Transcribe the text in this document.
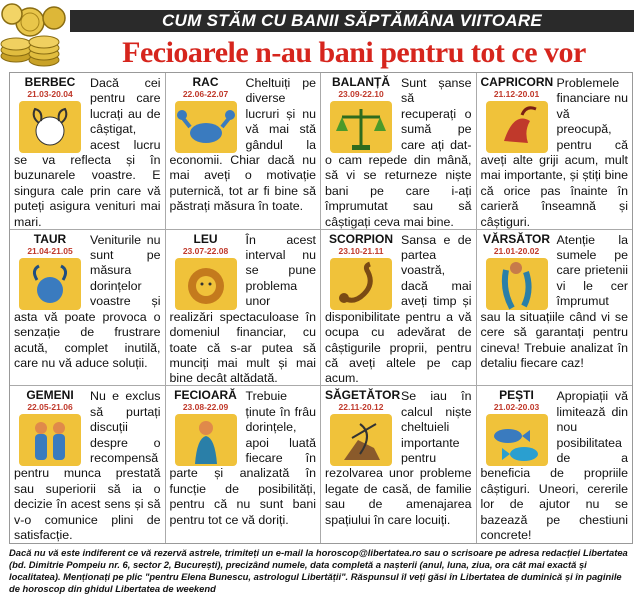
CUM STĂM CU BANII SĂPTĂMÂNA VIITOARE
Fecioarele n-au bani pentru tot ce vor
BERBEC
21.03-20.04
Dacă cei pentru care lucrați au de câștigat, acest lucru se va reflecta și în buzunarele voastre. E singura cale prin care vă puteți asigura venituri mai mari.
RAC
22.06-22.07
Cheltuiți pe diverse lucruri și nu vă mai stă gândul la economii. Chiar dacă nu mai aveți o motivație puternică, tot ar fi bine să păstrați măsura în toate.
BALANȚĂ
23.09-22.10
Sunt șanse să recuperați o sumă pe care ați dat-o cam repede din mână, să vi se returneze niște bani pe care i-ați împrumutat sau să câștigați ceva mai bine.
CAPRICORN
21.12-20.01
Problemele financiare nu vă preocupă, pentru că aveți alte griji acum, mult mai importante, și știți bine că orice pas înainte în carieră înseamnă și câștiguri.
TAUR
21.04-21.05
Veniturile nu sunt pe măsura dorințelor voastre și asta vă poate provoca o senzație de frustrare acută, complet inutilă, care nu vă aduce soluții.
LEU
23.07-22.08
În acest interval nu se pune problema unor realizări spectaculoase în domeniul financiar, cu toate că s-ar putea să munciți mai mult și mai bine decât altădată.
SCORPION
23.10-21.11
Sansa e de partea voastră, dacă mai aveți timp și disponibilitate pentru a vă ocupa cu adevărat de câștigurile proprii, pentru că aveți altele pe cap acum.
VĂRSĂTOR
21.01-20.02
Atenție la sumele pe care prietenii vi le cer împrumut sau la situațiile când vi se cere să garantați pentru cineva! Trebuie analizat în detaliu fiecare caz!
GEMENI
22.05-21.06
Nu e exclus să purtați discuții despre o recompensă pentru munca prestată sau superiorii să ia o decizie în acest sens și să v-o comunice plini de satisfacție.
FECIOARĂ
23.08-22.09
Trebuie ținute în frâu dorințele, apoi luată fiecare în parte și analizată în funcție de posibilități, pentru că nu sunt bani pentru tot ce vă doriți.
SĂGETĂTOR
22.11-20.12
Se iau în calcul niște cheltuieli importante pentru rezolvarea unor probleme legate de casă, de familie sau de amenajarea spațiului în care locuiți.
PEȘTI
21.02-20.03
Apropiații vă limitează din nou posibilitatea de a beneficia de propriile câștiguri. Uneori, cererile lor de ajutor nu se bazează pe chestiuni concrete!
Dacă nu vă este indiferent ce vă rezervă astrele, trimiteți un e-mail la horoscop@libertatea.ro sau o scrisoare pe adresa redacției Libertatea (bd. Dimitrie Pompeiu nr. 6, sector 2, București), precizând numele, data completă a nașterii (anul, luna, ziua, ora cât mai exactă și localitatea). Menționați pe plic "pentru Elena Bunescu, astrologul Libertății". Răspunsul îl veți găsi în Libertatea de duminică și în paginile de horoscop din ghidul Libertatea de weekend
